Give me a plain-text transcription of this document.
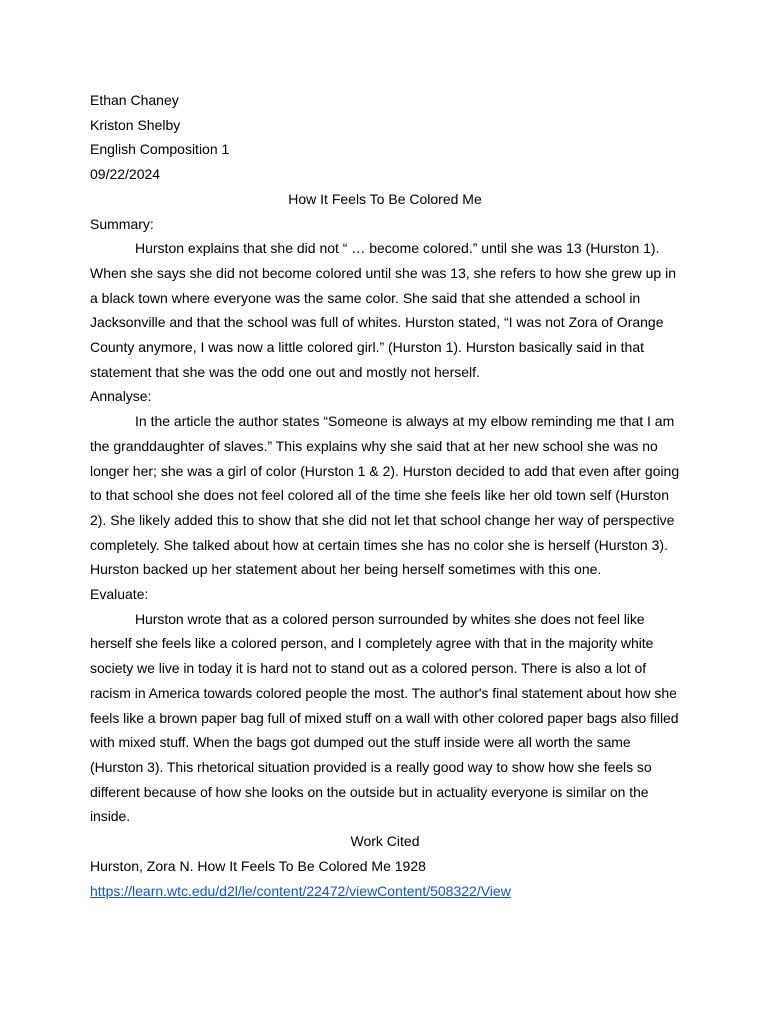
Ethan Chaney

Kriston Shelby

English Composition 1

09/22/2024

How It Feels To Be Colored Me

Summary:

Hurston explains that she did not “ … become colored.” until she was 13 (Hurston 1). When she says she did not become colored until she was 13, she refers to how she grew up in a black town where everyone was the same color. She said that she attended a school in Jacksonville and that the school was full of whites. Hurston stated, “I was not Zora of Orange County anymore, I was now a little colored girl.” (Hurston 1). Hurston basically said in that statement that she was the odd one out and mostly not herself.

Annalyse:

In the article the author states “Someone is always at my elbow reminding me that I am the granddaughter of slaves.” This explains why she said that at her new school she was no longer her; she was a girl of color (Hurston 1 & 2). Hurston decided to add that even after going to that school she does not feel colored all of the time she feels like her old town self (Hurston 2). She likely added this to show that she did not let that school change her way of perspective completely. She talked about how at certain times she has no color she is herself (Hurston 3). Hurston backed up her statement about her being herself sometimes with this one.

Evaluate:

Hurston wrote that as a colored person surrounded by whites she does not feel like herself she feels like a colored person, and I completely agree with that in the majority white society we live in today it is hard not to stand out as a colored person. There is also a lot of racism in America towards colored people the most. The author's final statement about how she feels like a brown paper bag full of mixed stuff on a wall with other colored paper bags also filled with mixed stuff. When the bags got dumped out the stuff inside were all worth the same (Hurston 3). This rhetorical situation provided is a really good way to show how she feels so different because of how she looks on the outside but in actuality everyone is similar on the inside.

Work Cited

Hurston, Zora N. How It Feels To Be Colored Me 1928

https://learn.wtc.edu/d2l/le/content/22472/viewContent/508322/View
